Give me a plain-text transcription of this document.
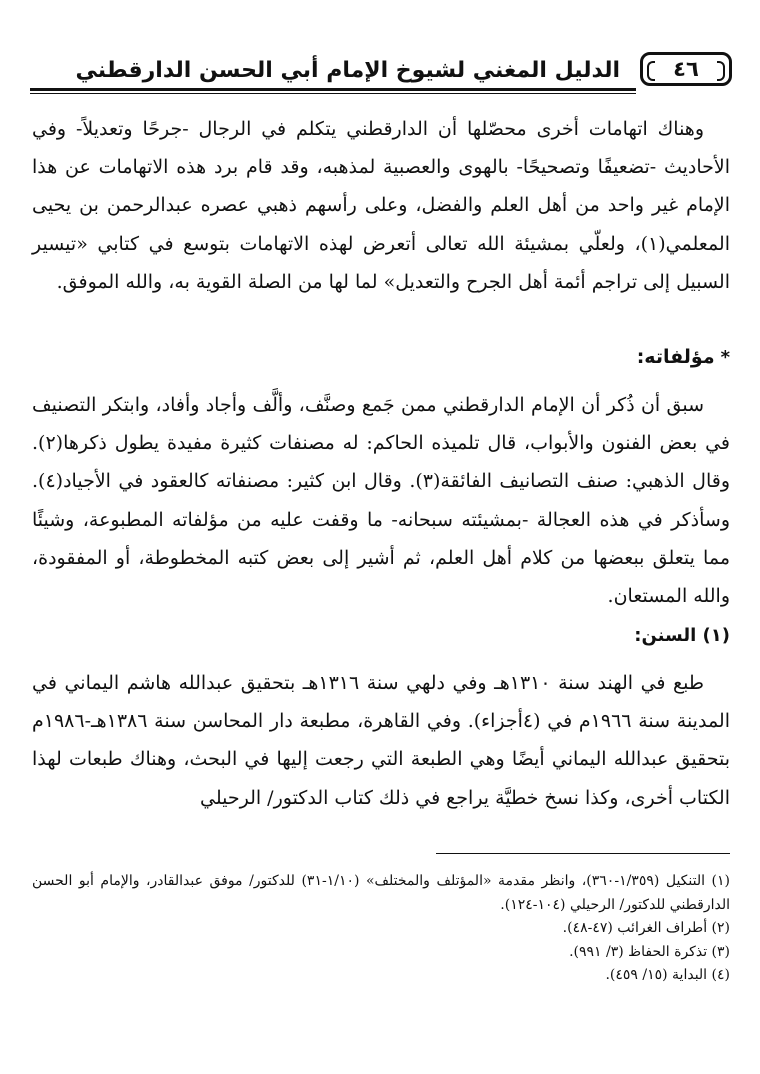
٤٦
الدليل المغني لشيوخ الإمام أبي الحسن الدارقطني

وهناك اتهامات أخرى محصّلها أن الدارقطني يتكلم في الرجال -جرحًا وتعديلاً- وفي الأحاديث -تضعيفًا وتصحيحًا- بالهوى والعصبية لمذهبه، وقد قام برد هذه الاتهامات عن هذا الإمام غير واحد من أهل العلم والفضل، وعلى رأسهم ذهبي عصره عبدالرحمن بن يحيى المعلمي(١)، ولعلّي بمشيئة الله تعالى أتعرض لهذه الاتهامات بتوسع في كتابي «تيسير السبيل إلى تراجم أئمة أهل الجرح والتعديل» لما لها من الصلة القوية به، والله الموفق.

*مؤلفاته:

سبق أن ذُكر أن الإمام الدارقطني ممن جَمع وصنَّف، وألَّف وأجاد وأفاد، وابتكر التصنيف في بعض الفنون والأبواب، قال تلميذه الحاكم: له مصنفات كثيرة مفيدة يطول ذكرها(٢). وقال الذهبي: صنف التصانيف الفائقة(٣). وقال ابن كثير: مصنفاته كالعقود في الأجياد(٤). وسأذكر في هذه العجالة -بمشيئته سبحانه- ما وقفت عليه من مؤلفاته المطبوعة، وشيئًا مما يتعلق ببعضها من كلام أهل العلم، ثم أشير إلى بعض كتبه المخطوطة، أو المفقودة، والله المستعان.

(١) السنن:

طبع في الهند سنة ١٣١٠هـ وفي دلهي سنة ١٣١٦هـ بتحقيق عبدالله هاشم اليماني في المدينة سنة ١٩٦٦م في (٤أجزاء). وفي القاهرة، مطبعة دار المحاسن سنة ١٣٨٦هـ-١٩٨٦م بتحقيق عبدالله اليماني أيضًا وهي الطبعة التي رجعت إليها في البحث، وهناك طبعات لهذا الكتاب أخرى، وكذا نسخ خطيَّة يراجع في ذلك كتاب الدكتور/ الرحيلي

(١) التنكيل (١/٣٥٩-٣٦٠)، وانظر مقدمة «المؤتلف والمختلف» (١/١٠-٣١) للدكتور/ موفق عبدالقادر، والإمام أبو الحسن الدارقطني للدكتور/ الرحيلي (١٠٤-١٢٤).

(٢) أطراف الغرائب (٤٧-٤٨).

(٣) تذكرة الحفاظ (٣/ ٩٩١).

(٤) البداية (١٥/ ٤٥٩).
